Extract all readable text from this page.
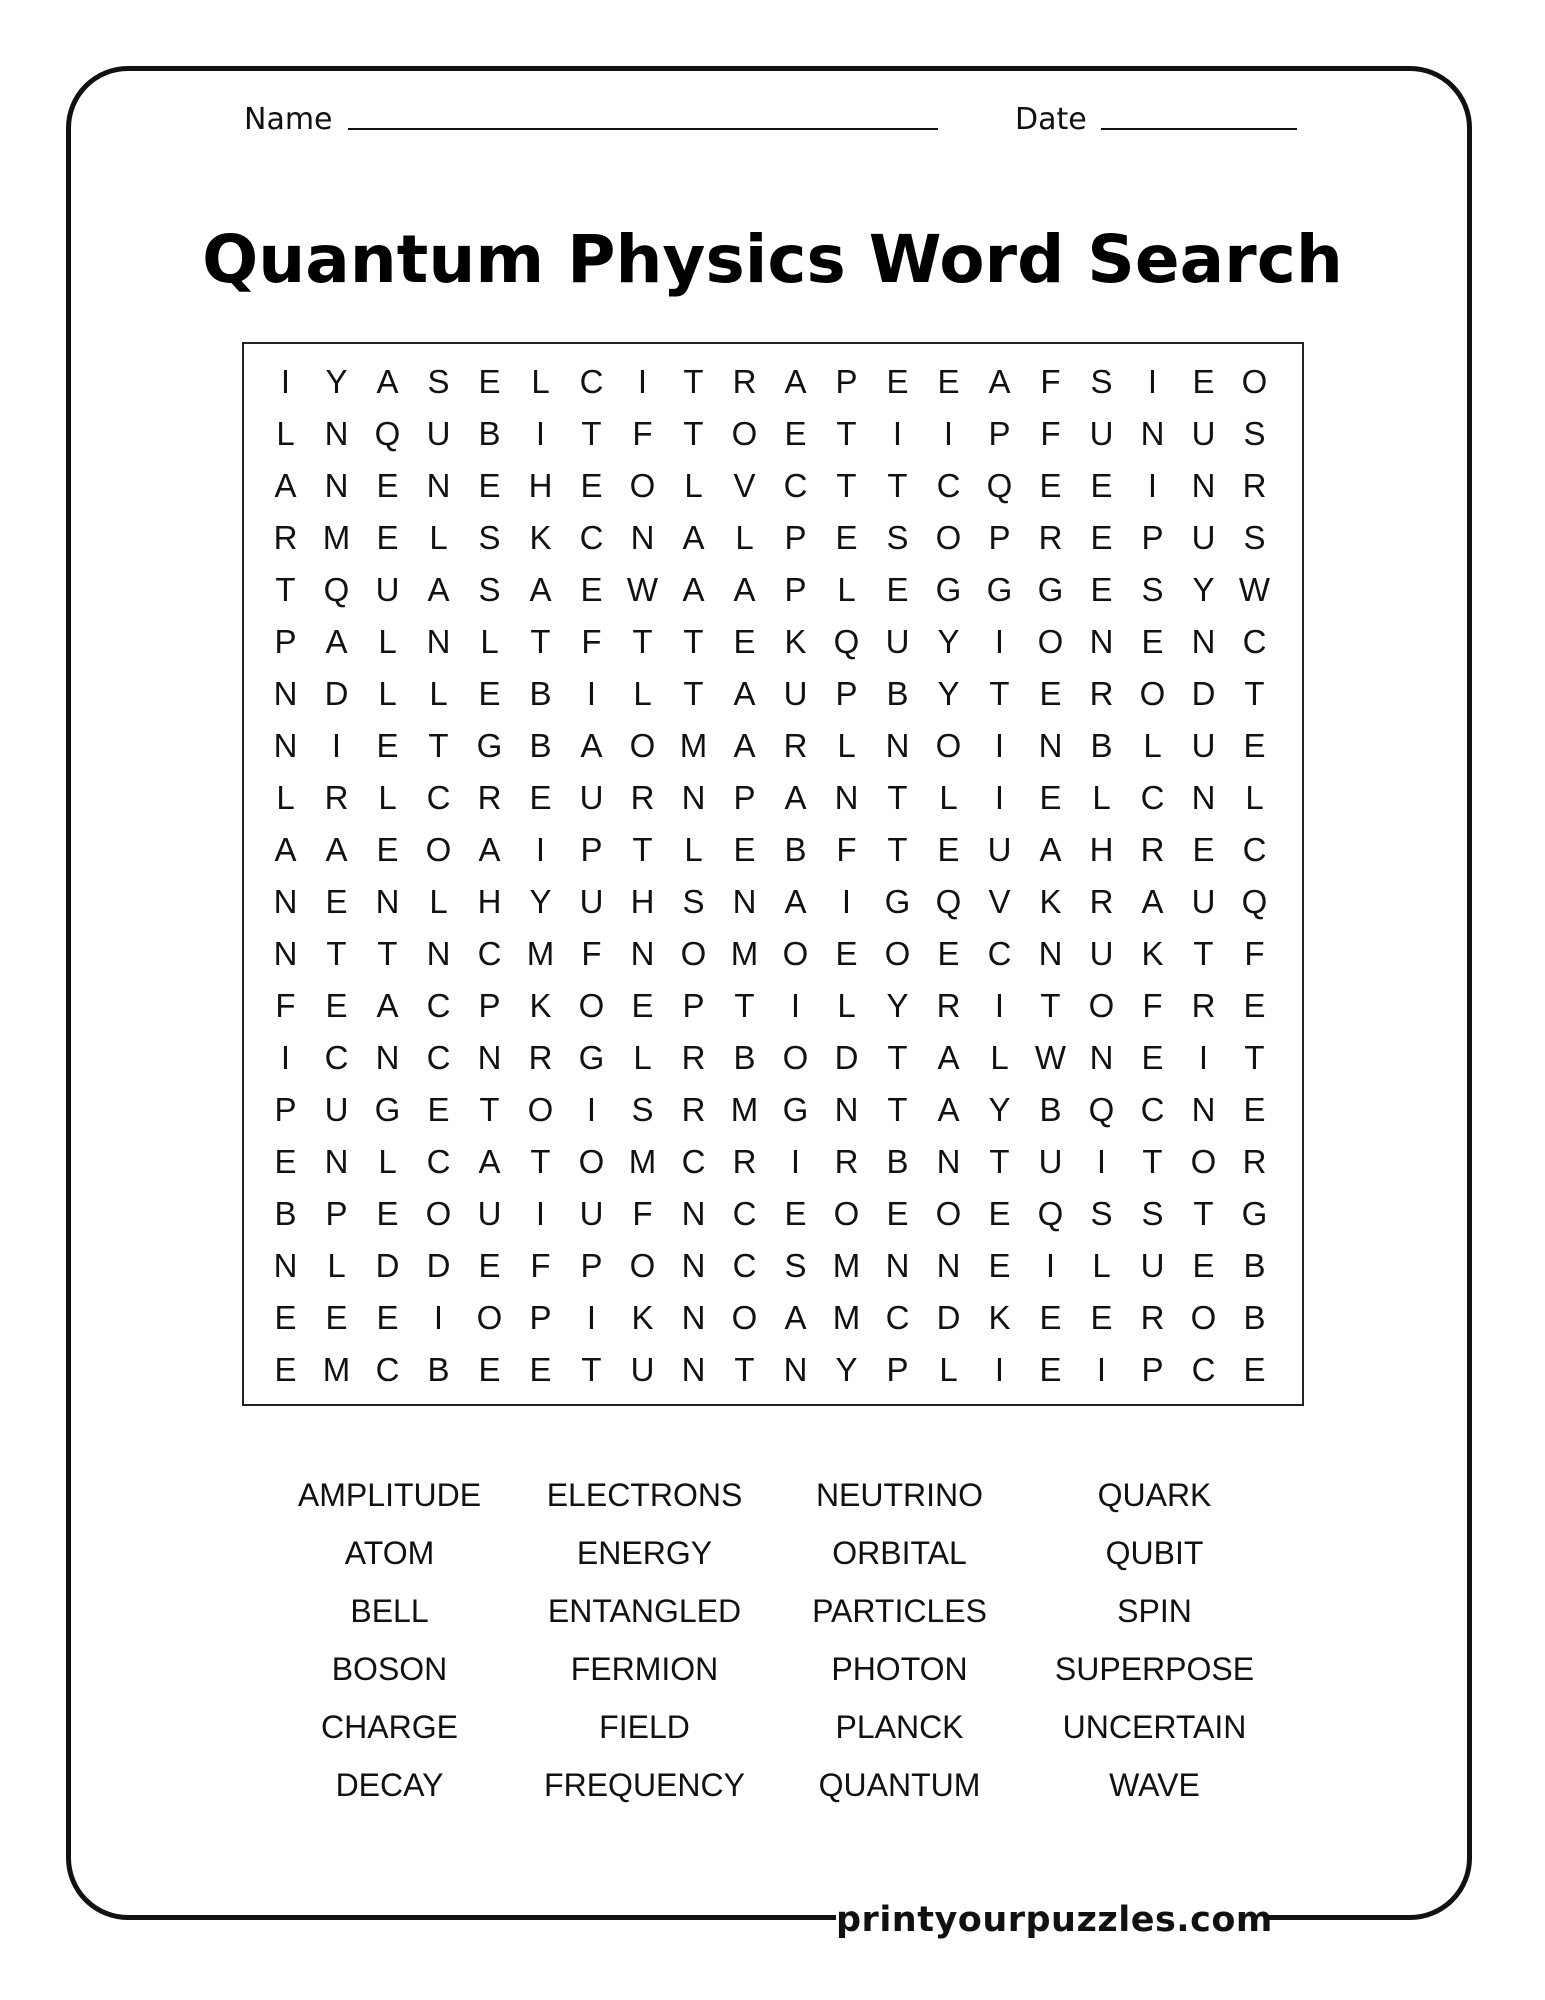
printyourpuzzles.com
Name	Date
Quantum Physics Word Search
I	Y A S E L C	I	T R A P E E A F S	I	E O
L N Q U B	I	T F T O E T	I	I	P F U N U S
A N E N E H E O L V C T T C Q E E	I	N R
R M E L S K C N A L P E S O P R E P U S
T Q U A S A E W A A P L E G G G E S Y W
P A L N L T F T T E K Q U Y	I	O N E N C
N D L L E B	I	L T A U P B Y T E R O D T
N	I	E T G B A O M A R L N O	I	N B L U E
L R L C R E U R N P A N T L	I	E L C N L
A A E O A	I	P T L E B F T E U A H R E C
N E N L H Y U H S N A	I	G Q V K R A U Q
N T T N C M F N O M O E O E C N U K T F
F E A C P K O E P T	I	L Y R	I	T O F R E
I	C N C N R G L R B O D T A L W N E	I	T
P U G E T O	I	S R M G N T A Y B Q C N E
E N L C A T O M C R	I	R B N T U	I	T O R
B P E O U	I	U F N C E O E O E Q S S T G
N L D D E F P O N C S M N N E	I	L U E B
E E E	I	O P	I	K N O A M C D K E E R O B
E M C B E E T U N T N Y P L	I	E	I	P C E
AMPLITUDE	ELECTRONS	NEUTRINO	QUARK
ATOM	ENERGY	ORBITAL	QUBIT
BELL	ENTANGLED	PARTICLES	SPIN
BOSON	FERMION	PHOTON	SUPERPOSE
CHARGE	FIELD	PLANCK	UNCERTAIN
DECAY	FREQUENCY	QUANTUM	WAVE
